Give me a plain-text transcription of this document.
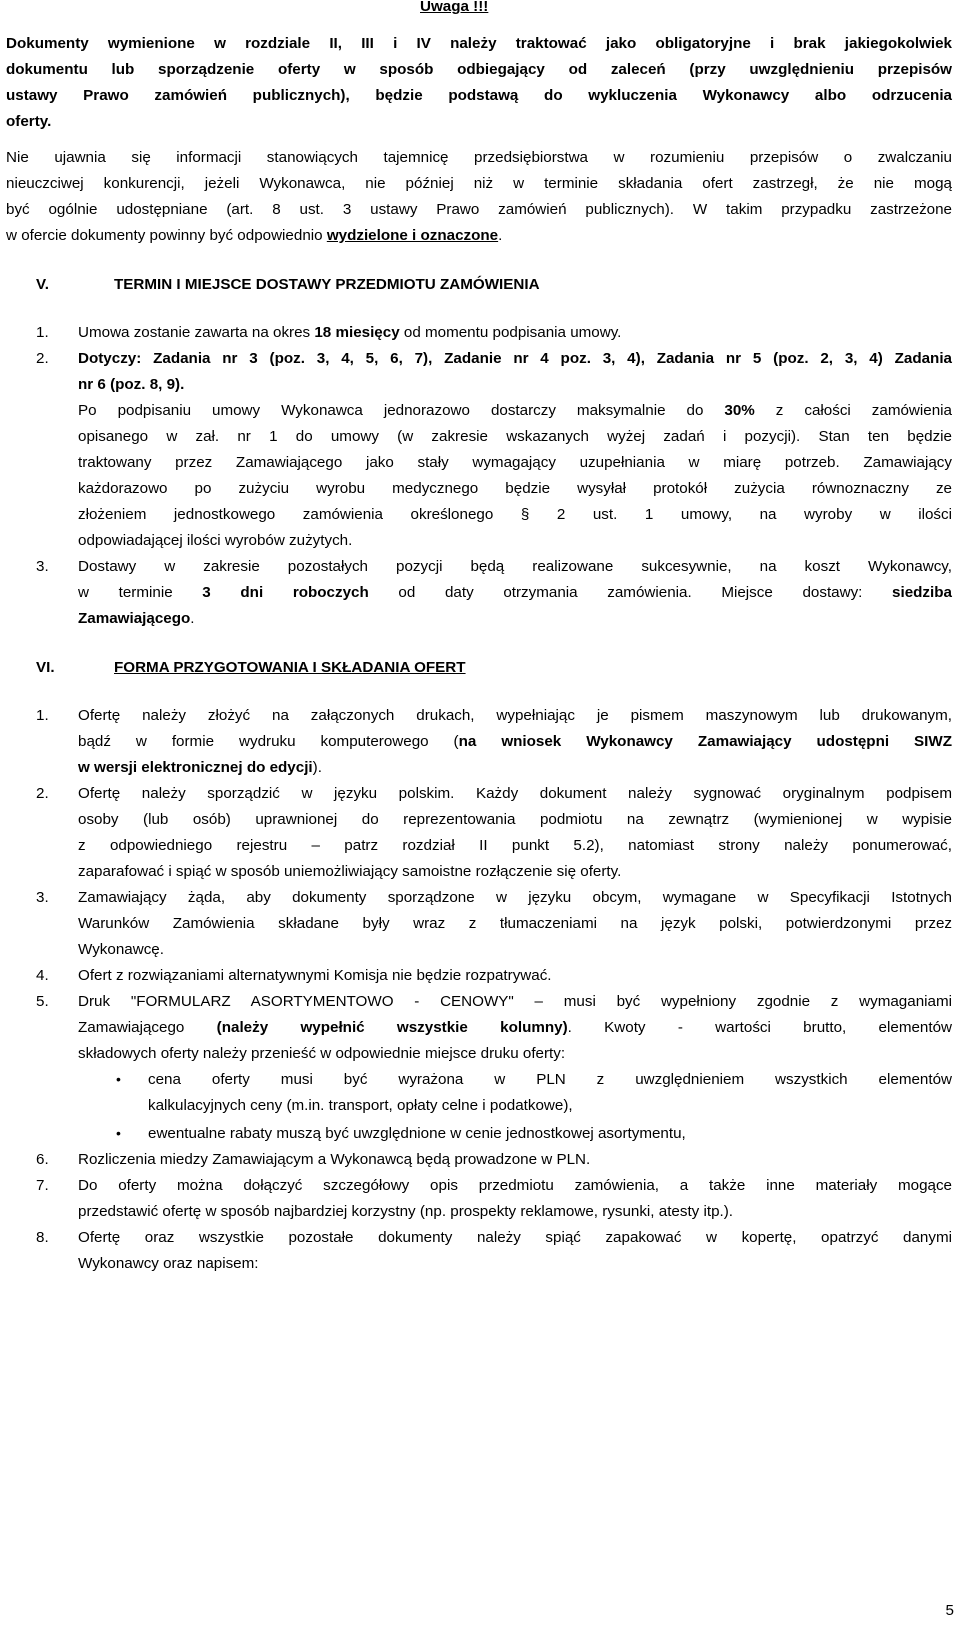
Uwaga !!!
Dokumenty wymienione w rozdziale II, III i IV należy traktować jako obligatoryjne i brak jakiegokolwiek
dokumentu lub sporządzenie oferty w sposób odbiegający od zaleceń (przy uwzględnieniu przepisów
ustawy Prawo zamówień publicznych), będzie podstawą do wykluczenia Wykonawcy albo odrzucenia
oferty.
Nie ujawnia się informacji stanowiących tajemnicę przedsiębiorstwa w rozumieniu przepisów o zwalczaniu
nieuczciwej konkurencji, jeżeli Wykonawca, nie później niż w terminie składania ofert zastrzegł, że nie mogą
być ogólnie udostępniane (art. 8 ust. 3 ustawy Prawo zamówień publicznych). W takim przypadku zastrzeżone
w ofercie dokumenty powinny być odpowiednio wydzielone i oznaczone.
V.	TERMIN I MIEJSCE DOSTAWY PRZEDMIOTU ZAMÓWIENIA
1. Umowa zostanie zawarta na okres 18 miesięcy od momentu podpisania umowy.
2. Dotyczy: Zadania nr 3 (poz. 3, 4, 5, 6, 7), Zadanie nr 4 poz. 3, 4), Zadania nr 5 (poz. 2, 3, 4) Zadania
nr 6 (poz. 8, 9).
Po podpisaniu umowy Wykonawca jednorazowo dostarczy maksymalnie do 30% z całości zamówienia
opisanego w zał. nr 1 do umowy (w zakresie wskazanych wyżej zadań i pozycji). Stan ten będzie
traktowany przez Zamawiającego jako stały wymagający uzupełniania w miarę potrzeb. Zamawiający
każdorazowo po zużyciu wyrobu medycznego będzie wysyłał protokół zużycia równoznaczny ze
złożeniem jednostkowego zamówienia określonego § 2 ust. 1 umowy, na wyroby w ilości
odpowiadającej ilości wyrobów zużytych.
3. Dostawy w zakresie pozostałych pozycji będą realizowane sukcesywnie, na koszt Wykonawcy,
w terminie 3 dni roboczych od daty otrzymania zamówienia. Miejsce dostawy: siedziba
Zamawiającego.
VI.	FORMA PRZYGOTOWANIA I SKŁADANIA OFERT
1. Ofertę należy złożyć na załączonych drukach, wypełniając je pismem maszynowym lub drukowanym,
bądź w formie wydruku komputerowego (na wniosek Wykonawcy Zamawiający udostępni SIWZ
w wersji elektronicznej do edycji).
2. Ofertę należy sporządzić w języku polskim. Każdy dokument należy sygnować oryginalnym podpisem
osoby (lub osób) uprawnionej do reprezentowania podmiotu na zewnątrz (wymienionej w wypisie
z odpowiedniego rejestru – patrz rozdział II punkt 5.2), natomiast strony należy ponumerować,
zaparafować i spiąć w sposób uniemożliwiający samoistne rozłączenie się oferty.
3. Zamawiający żąda, aby dokumenty sporządzone w języku obcym, wymagane w Specyfikacji Istotnych
Warunków Zamówienia składane były wraz z tłumaczeniami na język polski, potwierdzonymi przez
Wykonawcę.
4. Ofert z rozwiązaniami alternatywnymi Komisja nie będzie rozpatrywać.
5. Druk "FORMULARZ ASORTYMENTOWO - CENOWY" – musi być wypełniony zgodnie z wymaganiami
Zamawiającego (należy wypełnić wszystkie kolumny). Kwoty - wartości brutto, elementów
składowych oferty należy przenieść w odpowiednie miejsce druku oferty:
• cena oferty musi być wyrażona w PLN z uwzględnieniem wszystkich elementów
kalkulacyjnych ceny (m.in. transport, opłaty celne i podatkowe),
• ewentualne rabaty muszą być uwzględnione w cenie jednostkowej asortymentu,
6. Rozliczenia miedzy Zamawiającym a Wykonawcą będą prowadzone w PLN.
7. Do oferty można dołączyć szczegółowy opis przedmiotu zamówienia, a także inne materiały mogące
przedstawić ofertę w sposób najbardziej korzystny (np. prospekty reklamowe, rysunki, atesty itp.).
8. Ofertę oraz wszystkie pozostałe dokumenty należy spiąć zapakować w kopertę, opatrzyć danymi
Wykonawcy oraz napisem:
5
